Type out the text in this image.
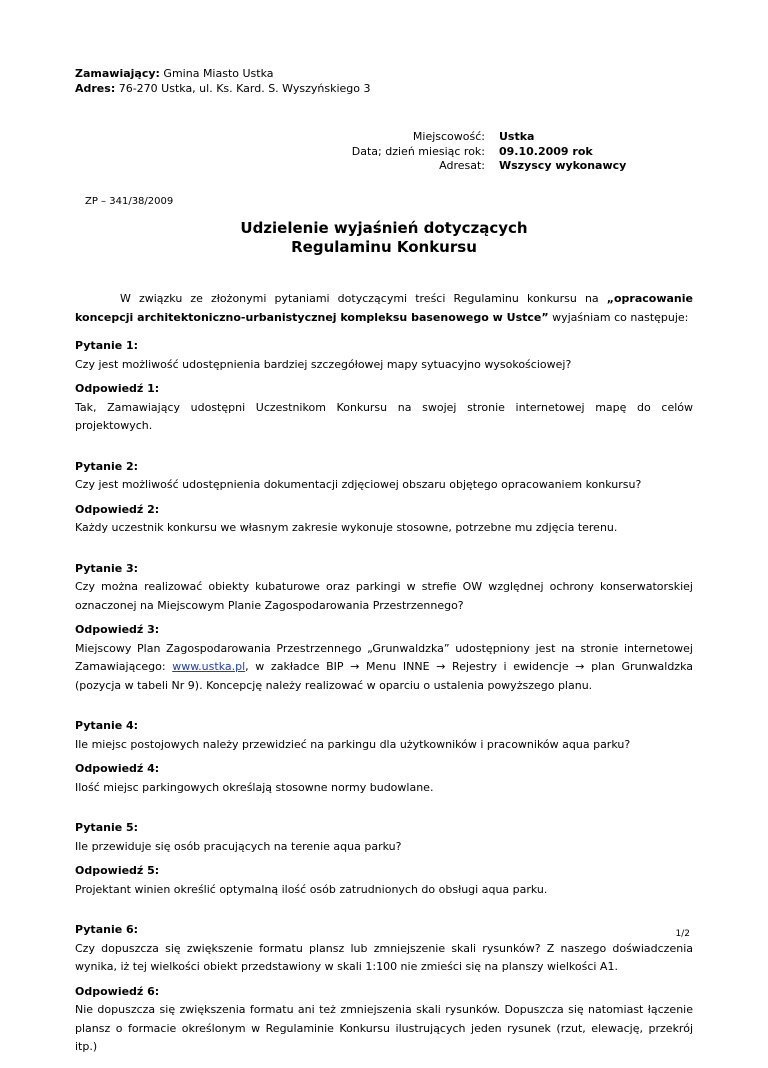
Zamawiający: Gmina Miasto Ustka
Adres: 76-270 Ustka, ul. Ks. Kard. S. Wyszyńskiego 3
Miejscowość: Ustka
Data; dzień miesiąc rok: 09.10.2009 rok
Adresat: Wszyscy wykonawcy
ZP – 341/38/2009
Udzielenie wyjaśnień dotyczących
Regulaminu Konkursu

W związku ze złożonymi pytaniami dotyczącymi treści Regulaminu konkursu na „opracowanie koncepcji architektoniczno-urbanistycznej kompleksu basenowego w Ustce” wyjaśniam co następuje:

Pytanie 1:
Czy jest możliwość udostępnienia bardziej szczegółowej mapy sytuacyjno wysokościowej?
Odpowiedź 1:
Tak, Zamawiający udostępni Uczestnikom Konkursu na swojej stronie internetowej mapę do celów projektowych.
Pytanie 2:
Czy jest możliwość udostępnienia dokumentacji zdjęciowej obszaru objętego opracowaniem konkursu?
Odpowiedź 2:
Każdy uczestnik konkursu we własnym zakresie wykonuje stosowne, potrzebne mu zdjęcia terenu.
Pytanie 3:
Czy można realizować obiekty kubaturowe oraz parkingi w strefie OW względnej ochrony konserwatorskiej oznaczonej na Miejscowym Planie Zagospodarowania Przestrzennego?
Odpowiedź 3:
Miejscowy Plan Zagospodarowania Przestrzennego „Grunwaldzka” udostępniony jest na stronie internetowej Zamawiającego: www.ustka.pl, w zakładce BIP → Menu INNE → Rejestry i ewidencje → plan Grunwaldzka (pozycja w tabeli Nr 9). Koncepcję należy realizować w oparciu o ustalenia powyższego planu.
Pytanie 4:
Ile miejsc postojowych należy przewidzieć na parkingu dla użytkowników i pracowników aqua parku?
Odpowiedź 4:
Ilość miejsc parkingowych określają stosowne normy budowlane.
Pytanie 5:
Ile przewiduje się osób pracujących na terenie aqua parku?
Odpowiedź 5:
Projektant winien określić optymalną ilość osób zatrudnionych do obsługi aqua parku.
Pytanie 6:
Czy dopuszcza się zwiększenie formatu plansz lub zmniejszenie skali rysunków? Z naszego doświadczenia wynika, iż tej wielkości obiekt przedstawiony w skali 1:100 nie zmieści się na planszy wielkości A1.
Odpowiedź 6:
Nie dopuszcza się zwiększenia formatu ani też zmniejszenia skali rysunków. Dopuszcza się natomiast łączenie plansz o formacie określonym w Regulaminie Konkursu ilustrujących jeden rysunek (rzut, elewację, przekrój itp.)
1/2
